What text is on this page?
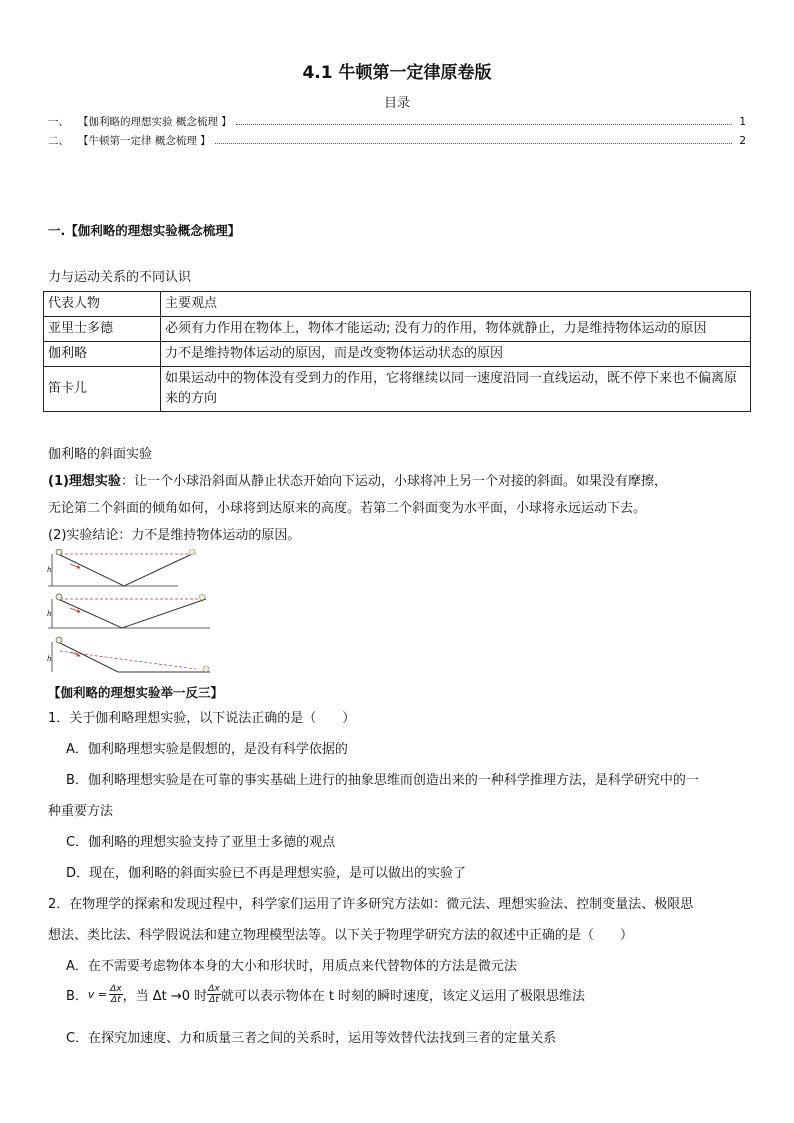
4.1 牛顿第一定律原卷版
目录
一、 【伽利略的理想实验 概念梳理 】	1
二、 【牛顿第一定律 概念梳理 】	2
一.【伽利略的理想实验概念梳理】
力与运动关系的不同认识
代表人物	主要观点
亚里士多德	必须有力作用在物体上，物体才能运动; 没有力的作用，物体就静止，力是维持物体运动的原因
伽利略	力不是维持物体运动的原因，而是改变物体运动状态的原因
笛卡儿	如果运动中的物体没有受到力的作用，它将继续以同一速度沿同一直线运动，既不停下来也不偏离原来的方向
伽利略的斜面实验
(1)理想实验：让一个小球沿斜面从静止状态开始向下运动，小球将冲上另一个对接的斜面。如果没有摩擦，
无论第二个斜面的倾角如何，小球将到达原来的高度。若第二个斜面变为水平面，小球将永远运动下去。
(2)实验结论：力不是维持物体运动的原因。
h
h
h
【伽利略的理想实验举一反三】
1．关于伽利略理想实验，以下说法正确的是（　　）
A．伽利略理想实验是假想的，是没有科学依据的
B．伽利略理想实验是在可靠的事实基础上进行的抽象思维而创造出来的一种科学推理方法，是科学研究中的一
种重要方法
C．伽利略的理想实验支持了亚里士多德的观点
D．现在，伽利略的斜面实验已不再是理想实验，是可以做出的实验了
2．在物理学的探索和发现过程中，科学家们运用了许多研究方法如：微元法、理想实验法、控制变量法、极限思
想法、类比法、科学假说法和建立物理模型法等。以下关于物理学研究方法的叙述中正确的是（　　）
A．在不需要考虑物体本身的大小和形状时，用质点来代替物体的方法是微元法
B． $v = \frac{\Delta x}{\Delta t}$ ，当 Δt →0 时 $\frac{\Delta x}{\Delta t}$ 就可以表示物体在 t 时刻的瞬时速度，该定义运用了极限思维法
C．在探究加速度、力和质量三者之间的关系时，运用等效替代法找到三者的定量关系
